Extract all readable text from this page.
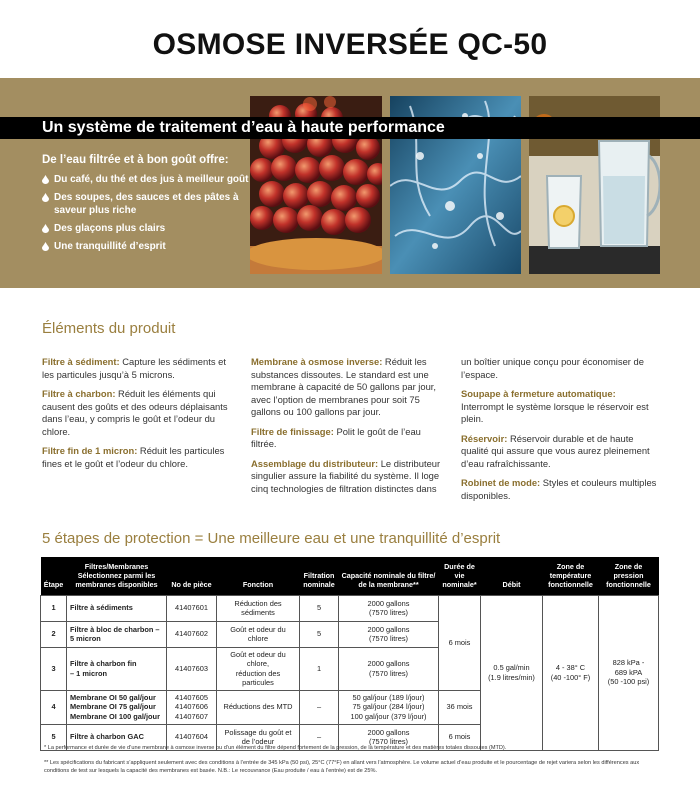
OSMOSE INVERSÉE QC-50
Un système de traitement d’eau à haute performance
De l’eau filtrée et à bon goût offre:
Du café, du thé et des jus à meilleur goût
Des soupes, des sauces et des pâtes à saveur plus riche
Des glaçons plus clairs
Une tranquillité d’esprit
Éléments du produit

Filtre à sédiment: Capture les sédiments et les particules jusqu’à 5 microns.

Filtre à charbon: Réduit les éléments qui causent des goûts et des odeurs déplaisants dans l’eau, y compris le goût et l’odeur du chlore.

Filtre fin de 1 micron: Réduit les particules fines et le goût et l’odeur du chlore.

Membrane à osmose inverse: Réduit les substances dissoutes. Le standard est une membrane à capacité de 50 gallons par jour, avec l’option de membranes pour soit 75 gallons ou 100 gallons par jour.

Filtre de finissage: Polit le goût de l’eau filtrée.

Assemblage du distributeur: Le distributeur singulier assure la fiabilité du système. Il loge cinq technologies de filtration distinctes dans

un boîtier unique conçu pour économiser de l’espace.

Soupape à fermeture automatique: Interrompt le système lorsque le réservoir est plein.

Réservoir: Réservoir durable et de haute qualité qui assure que vous aurez pleinement d’eau rafraîchissante.

Robinet de mode: Styles et couleurs multiples disponibles.

5 étapes de protection = Une meilleure eau et une tranquillité d’esprit
Étape	Filtres/Membranes Sélectionnez parmi les membranes disponibles	No de pièce	Fonction	Filtration nominale	Capacité nominale du filtre/ de la membrane**	Durée de vie nominale*	Débit	Zone de température fonctionnelle	Zone de pression fonctionnelle
1	Filtre à sédiments	41407601	Réduction des
sédiments	5	2000 gallons
(7570 litres)	6 mois	0.5 gal/min
(1.9 litres/min)	4 - 38° C
(40 -100° F)	828 kPa -
689 kPA
(50 -100 psi)
2	Filtre à bloc de charbon –
5 micron	41407602	Goût et odeur du chlore	5	2000 gallons
(7570 litres)				
3	Filtre à charbon fin
– 1 micron	41407603	Goût et odeur du chlore,
réduction des particules	1	2000 gallons
(7570 litres)				
4	Membrane OI 50 gal/jour
Membrane OI 75 gal/jour
Membrane OI 100 gal/jour	41407605
41407606
41407607	Réductions des MTD	–	50 gal/jour (189 l/jour)
75 gal/jour (284 l/jour)
100 gal/jour (379 l/jour)	36 mois			
5	Filtre à charbon GAC	41407604	Polissage du goût et
de l’odeur	–	2000 gallons
(7570 litres)	6 mois			
* La performance et durée de vie d’une membrane à osmose inverse ou d’un élément du filtre dépend fortement de la pression, de la température et des matières totales dissoutes (MTD).
** Les spécifications du fabricant s’appliquent seulement avec des conditions à l’entrée de 345 kPa (50 psi), 25°C (77°F) en allant vers l’atmosphère. Le volume actuel d’eau produite et le pourcentage de rejet variera selon les différences aux conditions de test sur lesquels la capacité des membranes est basée. N.B.: Le recouvrance (Eau produite / eau à l’entrée) est de 25%.
